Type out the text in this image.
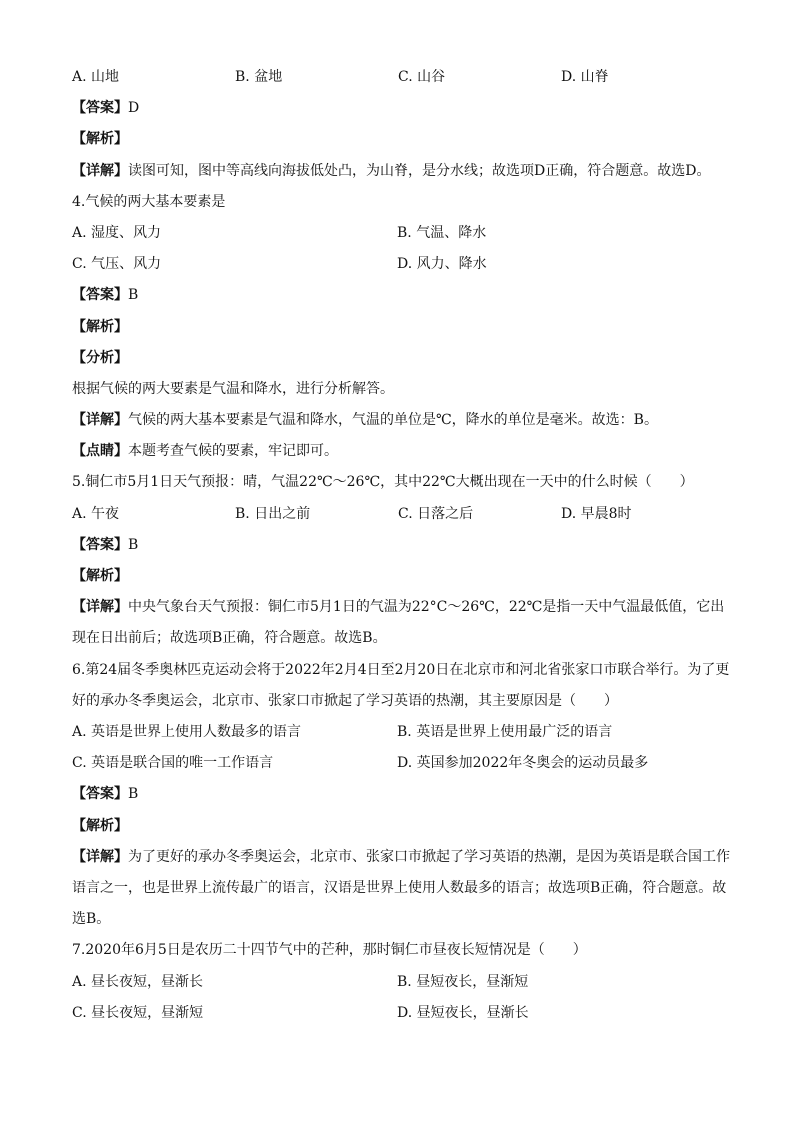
A. 山地	B. 盆地	C. 山谷	D. 山脊
【答案】D
【解析】
【详解】读图可知，图中等高线向海拔低处凸，为山脊，是分水线；故选项D正确，符合题意。故选D。
4.气候的两大基本要素是
A. 湿度、风力	B. 气温、降水
C. 气压、风力	D. 风力、降水
【答案】B
【解析】
【分析】
根据气候的两大要素是气温和降水，进行分析解答。
【详解】气候的两大基本要素是气温和降水，气温的单位是℃，降水的单位是毫米。故选：B。
【点睛】本题考查气候的要素，牢记即可。
5.铜仁市5月1日天气预报：晴，气温22℃～26℃，其中22℃大概出现在一天中的什么时候（　　）
A. 午夜	B. 日出之前	C. 日落之后	D. 早晨8时
【答案】B
【解析】
【详解】中央气象台天气预报：铜仁市5月1日的气温为22°C～26℃，22℃是指一天中气温最低值，它出现在日出前后；故选项B正确，符合题意。故选B。
6.第24届冬季奥林匹克运动会将于2022年2月4日至2月20日在北京市和河北省张家口市联合举行。为了更好的承办冬季奥运会，北京市、张家口市掀起了学习英语的热潮，其主要原因是（　　）
A. 英语是世界上使用人数最多的语言	B. 英语是世界上使用最广泛的语言
C. 英语是联合国的唯一工作语言	D. 英国参加2022年冬奥会的运动员最多
【答案】B
【解析】
【详解】为了更好的承办冬季奥运会，北京市、张家口市掀起了学习英语的热潮，是因为英语是联合国工作语言之一，也是世界上流传最广的语言，汉语是世界上使用人数最多的语言；故选项B正确，符合题意。故选B。
7.2020年6月5日是农历二十四节气中的芒种，那时铜仁市昼夜长短情况是（　　）
A. 昼长夜短，昼渐长	B. 昼短夜长，昼渐短
C. 昼长夜短，昼渐短	D. 昼短夜长，昼渐长
